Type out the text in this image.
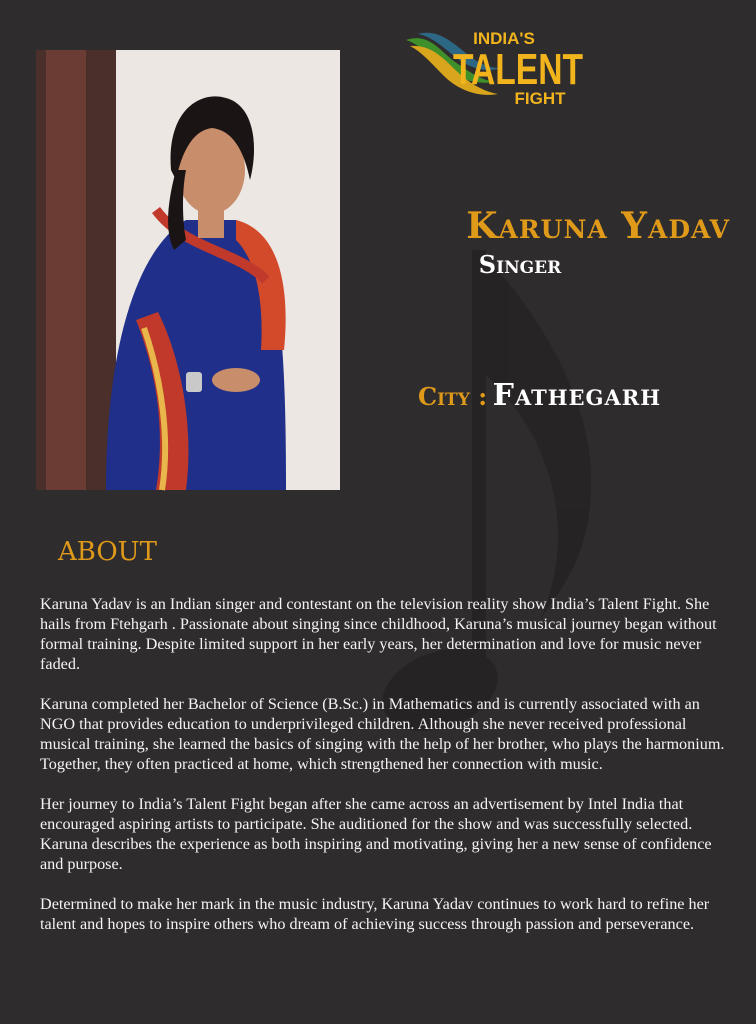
INDIA'S
TALENT
FIGHT
Karuna Yadav
Singer
City : Fathegarh
ABOUT

Karuna Yadav is an Indian singer and contestant on the television reality show India’s Talent Fight. She hails from Ftehgarh . Passionate about singing since childhood, Karuna’s musical journey began without formal training. Despite limited support in her early years, her determination and love for music never faded.

Karuna completed her Bachelor of Science (B.Sc.) in Mathematics and is currently associated with an NGO that provides education to underprivileged children. Although she never received professional musical training, she learned the basics of singing with the help of her brother, who plays the harmonium. Together, they often practiced at home, which strengthened her connection with music.

Her journey to India’s Talent Fight began after she came across an advertisement by Intel India that encouraged aspiring artists to participate. She auditioned for the show and was successfully selected. Karuna describes the experience as both inspiring and motivating, giving her a new sense of confidence and purpose.

Determined to make her mark in the music industry, Karuna Yadav continues to work hard to refine her talent and hopes to inspire others who dream of achieving success through passion and perseverance.
